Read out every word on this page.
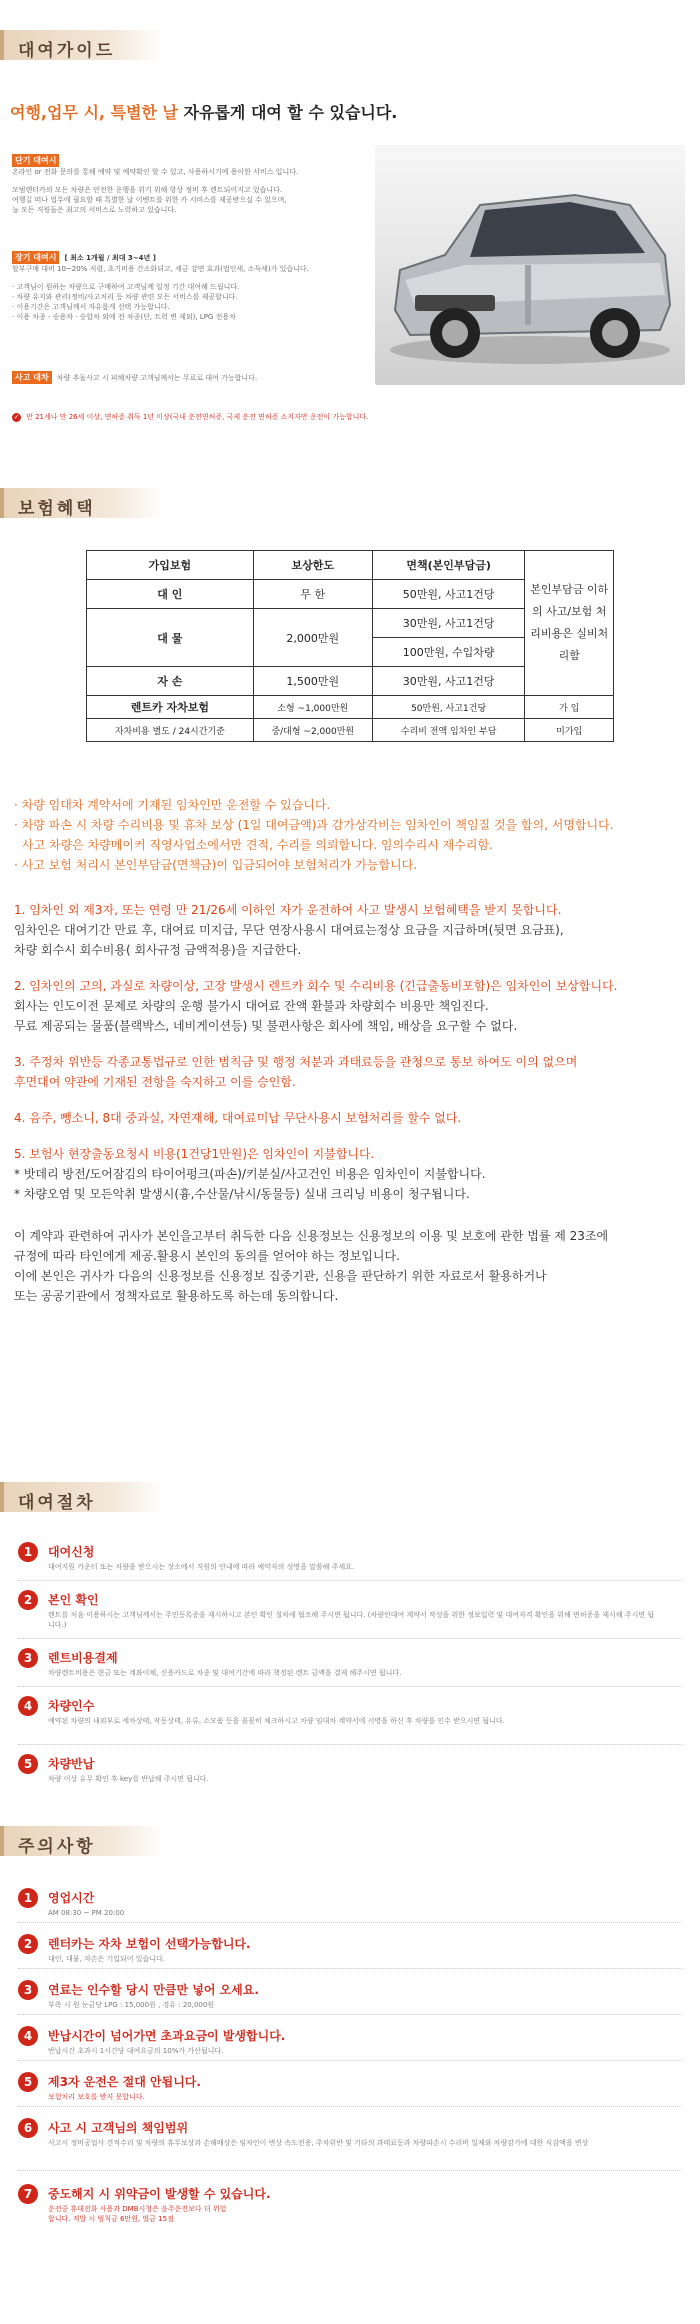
대여가이드
여행,업무 시, 특별한 날 자유롭게 대여 할 수 있습니다.
단기 대여시
온라인 or 전화 문의를 통해 예약 및 예약확인 할 수 있고, 사용하시기에 용이한 서비스 입니다.
모범렌터카의 모든 차량은 안전한 운행을 위기 위해 항상 정비 후 렌트되어지고 있습니다.
여행길 떠나 업무에 필요할 때 특별한 날 이벤트를 위한 카 서비스를 제공받으실 수 있으며,
늘 모든 직원들은 최고의 서비스로 노력하고 있습니다.
장기 대여시 [ 최소 1개월 / 최대 3~4년 ]
할부구매 대비 10~20% 저렴, 초기비용 간소화되고, 세금 감면 효과(법인세, 소득세)가 있습니다.
· 고객님이 원하는 차량으로 구매하여 고객님께 일정 기간 대여해 드립니다.
· 차량 유지와 관리(정비/사고처리 등 차량 관련 모든 서비스를 제공합니다.
· 이용기간은 고객님께서 자유롭게 선택 가능합니다.
· 이용 차종 - 승용차 · 승합차 외에 전 차종(단, 트럭 변 제외), LPG 전용차
사고 대차 차량 추돌사고 시 피해차량 고객님께서는 무료로 대여 가능합니다.
✓ 만 21세나 만 26세 이상, 면허증 취득 1년 이상(국내 운전면허증, 국제 운전 면허증 소지자만 운전이 가능합니다.
보험혜택
가입보험	보상한도	면책(본인부담금)	본인부담금 이하의 사고/보험 처리비용은 실비처리함
대 인	무 한	50만원, 사고1건당	
대 물	2,000만원	30만원, 사고1건당	
		100만원, 수입차량	
자 손	1,500만원	30만원, 사고1건당	
렌트카 자차보험	소형 ~1,000만원	50만원, 사고1건당	가 입
자차비용 별도 / 24시간기준	중/대형 ~2,000만원	수리비 전액 임차인 부담	미가입
· 차량 임대차 계약서에 기재된 임차인만 운전할 수 있습니다.
· 차량 파손 시 차량 수리비용 및 휴차 보상 (1일 대여금액)과 감가상각비는 임차인이 책임질 것을 합의, 서명합니다.
사고 차량은 차량메이커 직영사업소에서만 견적, 수리를 의뢰합니다. 임의수리시 재수리함.
· 사고 보험 처리시 본인부담금(면책금)이 입금되어야 보험처리가 가능합니다.
1. 임차인 외 제3자, 또는 연령 만 21/26세 이하인 자가 운전하여 사고 발생시 보험혜택을 받지 못합니다.
임차인은 대여기간 만료 후, 대여료 미지급, 무단 연장사용시 대여료는정상 요금을 지급하며(뒷면 요금표),
차량 회수시 회수비용( 회사규정 금액적용)을 지급한다.
2. 임차인의 고의, 과실로 차량이상, 고장 발생시 렌트카 회수 및 수리비용 (긴급출동비포함)은 임차인이 보상합니다.
회사는 인도이전 문제로 차량의 운행 불가시 대여료 잔액 환불과 차량회수 비용만 책임진다.
무료 제공되는 물품(블랙박스, 네비게이션등) 및 불편사항은 회사에 책임, 배상을 요구할 수 없다.
3. 주정차 위반등 각종교통법규로 인한 범칙금 및 행정 처분과 과태료등을 관청으로 통보 하여도 이의 없으며
후면대여 약관에 기재된 전항을 숙지하고 이를 승인함.
4. 음주, 뺑소니, 8대 중과실, 자연재해, 대여료미납 무단사용시 보험처리를 할수 없다.
5. 보험사 현장출동요청시 비용(1건당1만원)은 임차인이 지불합니다.
* 밧데리 방전/도어잠김의 타이어펑크(파손)/키분실/사고건인 비용은 임차인이 지불합니다.
* 차량오염 및 모든악취 발생시(흉,수산물/낚시/동물등) 실내 크리닝 비용이 청구됩니다.
이 계약과 관련하여 귀사가 본인을고부터 취득한 다음 신용정보는 신용정보의 이용 및 보호에 관한 법률 제 23조에
규정에 따라 타인에게 제공.활용시 본인의 동의를 얻어야 하는 정보입니다.
이에 본인은 귀사가 다음의 신용정보를 신용정보 집중기관, 신용을 판단하기 위한 자료로서 활용하거나
또는 공공기관에서 정책자료로 활용하도록 하는데 동의합니다.
대여절차
1	대여신청
대여지원 카운터 또는 차량을 받으시는 장소에서 직원의 안내에 따라 예약자의 성명을 말씀해 주세요.
2	본인 확인
렌트를 처음 이용하시는 고객님께서는 주민등록증을 제시하시고 본인 확인 절차에 협조해 주시면 됩니다. (차량인대여 계약서 작성을 위한 정보입력 및 대여자격 확인을 위해 면허증을 제시해 주시면 됩니다.)
3	렌트비용결제
차량렌트비용은 현금 또는 계좌이체, 신용카드로 차종 및 대여기간에 따라 책정된 렌트 금액을 결제 해주시면 됩니다.
4	차량인수
예약된 차량의 내외부로 세차상태, 작동상태, 유류, 소모품 등을 꼼꼼히 체크하시고 차량 임대차 계약서에 서명을 하신 후 차량을 인수 받으시면 됩니다.
5	차량반납
차량 이상 유무 확인 후 key를 반납해 주시면 됩니다.
주의사항
1	영업시간
AM 08:30 ~ PM 20:00
2	렌터카는 자차 보험이 선택가능합니다.
대인, 대물, 자손은 기입되어 있습니다.
3	연료는 인수할 당시 만큼만 넣어 오세요.
부족 시 원 눈금당 LPG : 15,000원 , 경유 : 20,000원
4	반납시간이 넘어가면 초과요금이 발생합니다.
반납시간 초과시 1시간당 대여요금의 10%가 가산됩니다.
5	제3자 운전은 절대 안됩니다.
보험처리 보호를 받지 못합니다.
6	사고 시 고객님의 책임범위
사고시 정비공업사 견적수리 및 차량의 휴무보상과 손해배상은 임차인이 변상 속도전용, 주차위반 및 기타의 과태료등과 차량파손시 수리비 일체와 차량감가에 대한 식감액을 변상
7	중도해지 시 위약금이 발생할 수 있습니다.
운전중 휴대전화 사용과 DMB시청은 음주운전보다 더 위험합니다. 적발 시 범칙금 6만원, 벌금 15점
